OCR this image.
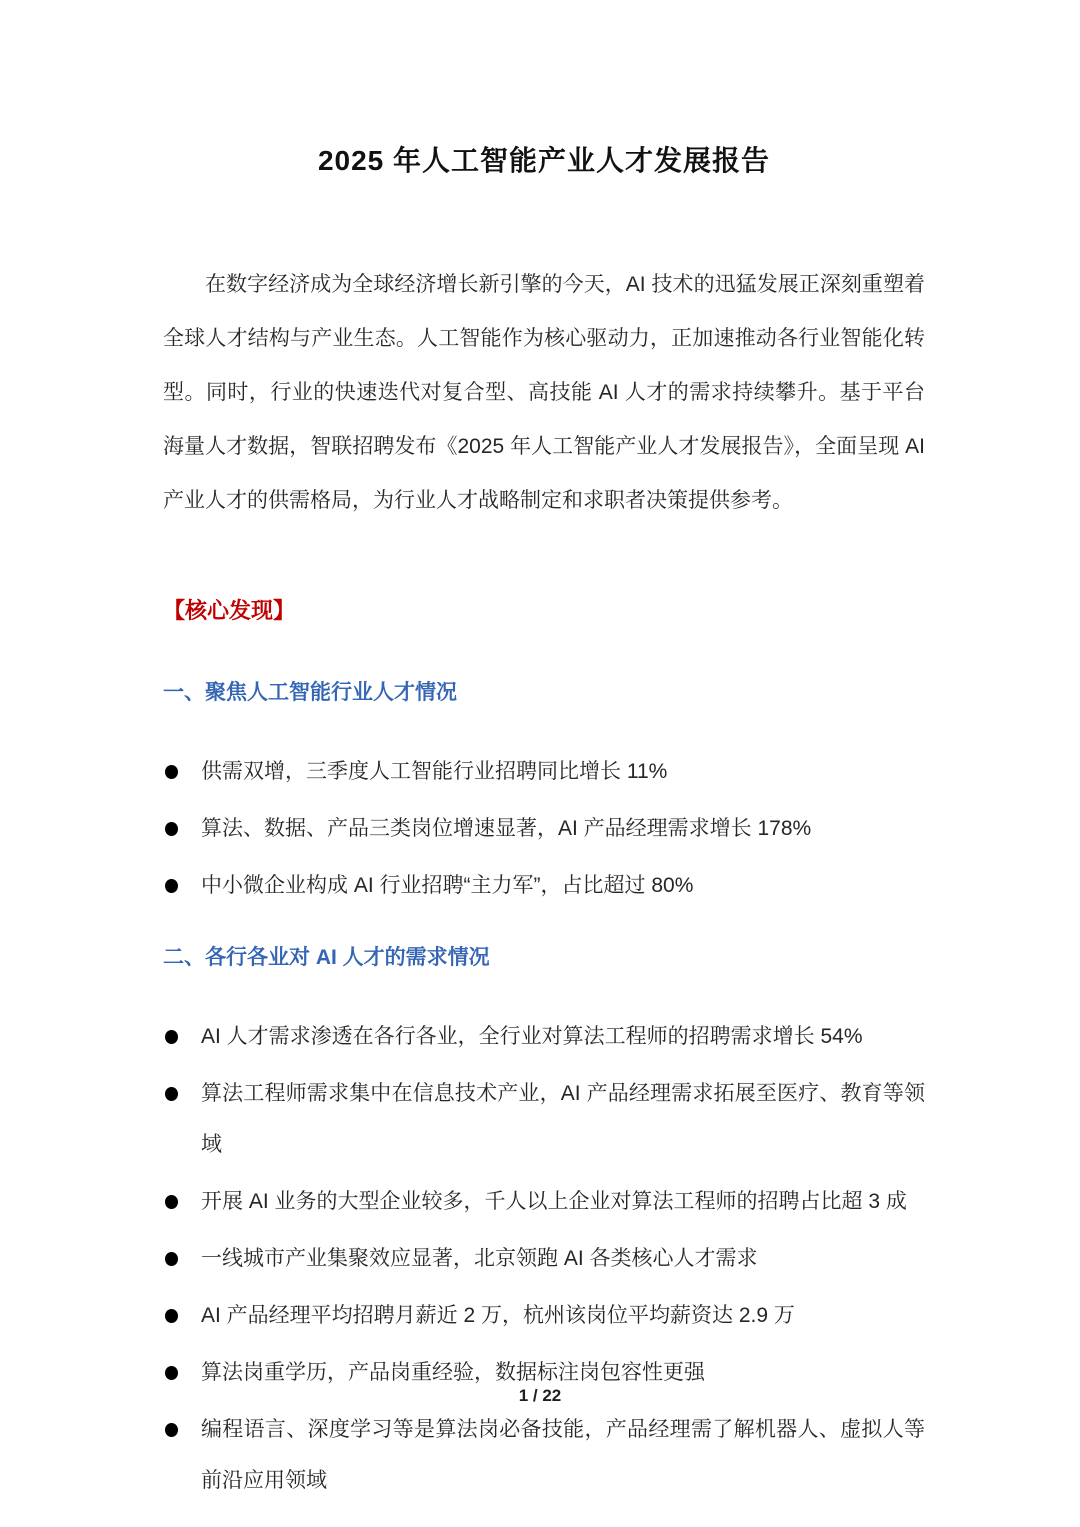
2025 年人工智能产业人才发展报告

在数字经济成为全球经济增长新引擎的今天，AI 技术的迅猛发展正深刻重塑着全球人才结构与产业生态。人工智能作为核心驱动力，正加速推动各行业智能化转型。同时，行业的快速迭代对复合型、高技能 AI 人才的需求持续攀升。基于平台海量人才数据，智联招聘发布《2025 年人工智能产业人才发展报告》，全面呈现 AI 产业人才的供需格局，为行业人才战略制定和求职者决策提供参考。

【核心发现】
一、聚焦人工智能行业人才情况
供需双增，三季度人工智能行业招聘同比增长 11%
算法、数据、产品三类岗位增速显著，AI 产品经理需求增长 178%
中小微企业构成 AI 行业招聘“主力军”，占比超过 80%
二、各行各业对 AI 人才的需求情况
AI 人才需求渗透在各行各业，全行业对算法工程师的招聘需求增长 54%
算法工程师需求集中在信息技术产业，AI 产品经理需求拓展至医疗、教育等领域
开展 AI 业务的大型企业较多，千人以上企业对算法工程师的招聘占比超 3 成
一线城市产业集聚效应显著，北京领跑 AI 各类核心人才需求
AI 产品经理平均招聘月薪近 2 万，杭州该岗位平均薪资达 2.9 万
算法岗重学历，产品岗重经验，数据标注岗包容性更强
编程语言、深度学习等是算法岗必备技能，产品经理需了解机器人、虚拟人等前沿应用领域
1 / 22
